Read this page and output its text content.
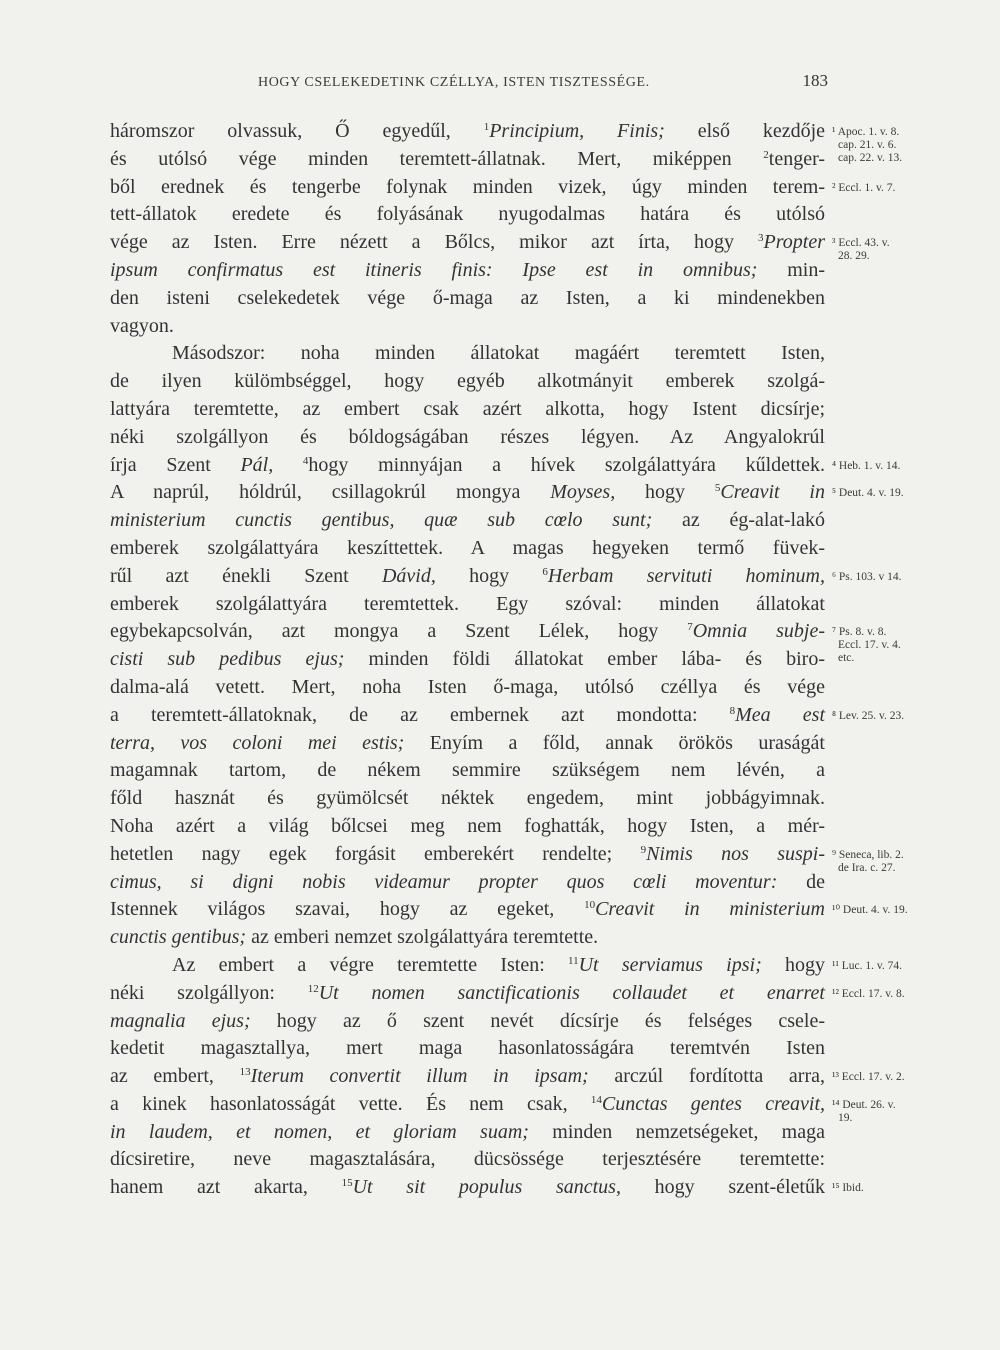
HOGY CSELEKEDETINK CZÉLLYA, ISTEN TISZTESSÉGE.	183
háromszor olvassuk, Ő egyedűl, $^1$Principium, Finis; első kezdője
és utólsó vége minden teremtett-állatnak. Mert, miképpen $^2$tenger-
ből erednek és tengerbe folynak minden vizek, úgy minden terem-
tett-állatok eredete és folyásának nyugodalmas határa és utólsó
vége az Isten. Erre nézett a Bőlcs, mikor azt írta, hogy $^3$Propter
ipsum confirmatus est itineris finis: Ipse est in omnibus; min-
den isteni cselekedetek vége ő-maga az Isten, a ki mindenekben
vagyon.
Másodszor: noha minden állatokat magáért teremtett Isten,
de ilyen külömbséggel, hogy egyéb alkotmányit emberek szolgá-
lattyára teremtette, az embert csak azért alkotta, hogy Istent dicsírje;
néki szolgállyon és bóldogságában részes légyen. Az Angyalokrúl
írja Szent Pál,	$^4$hogy minnyájan a hívek szolgálattyára kűldettek.
A naprúl, hóldrúl, csillagokrúl mongya Moyses, hogy $^5$Creavit in
ministerium cunctis gentibus, quæ sub cœlo sunt; az ég-alat-lakó
emberek szolgálattyára keszíttettek. A magas hegyeken termő füvek-
rűl azt énekli Szent Dávid, hogy $^6$Herbam servituti hominum,
emberek szolgálattyára teremtettek. Egy szóval: minden állatokat
egybekapcsolván, azt mongya a Szent Lélek, hogy $^7$Omnia subje-
cisti sub pedibus ejus; minden földi állatokat ember lába- és biro-
dalma-alá vetett. Mert, noha Isten ő-maga, utólsó czéllya és vége
a teremtett-állatoknak, de az embernek azt mondotta: $^8$Mea est
terra, vos coloni mei estis; Enyím a főld, annak örökös uraságát
magamnak tartom, de nékem semmire szükségem nem lévén, a
főld hasznát és gyümölcsét néktek engedem, mint jobbágyimnak.
Noha azért a világ bőlcsei meg nem foghatták, hogy Isten, a mér-
hetetlen nagy egek forgásit emberekért rendelte; $^9$Nimis nos suspi-
cimus, si digni nobis videamur propter quos cœli moventur: de
Istennek világos szavai, hogy az egeket, $^{10}$Creavit in ministerium
cunctis gentibus; az emberi nemzet szolgálattyára teremtette.
Az embert a végre teremtette Isten: $^{11}$Ut serviamus ipsi; hogy
néki szolgállyon: $^{12}$Ut nomen sanctificationis collaudet et enarret
magnalia ejus; hogy az ő szent nevét dícsírje és felséges csele-
kedetit magasztallya, mert maga hasonlatosságára teremtvén Isten
az embert, $^{13}$Iterum convertit illum in ipsam; arczúl fordította arra,
a kinek hasonlatosságát vette. És nem csak, $^{14}$Cunctas gentes creavit,
in laudem, et nomen, et gloriam suam; minden nemzetségeket, maga
dícsiretire, neve magasztalására, dücsössége terjesztésére teremtette:
hanem azt akarta, $^{15}$Ut sit populus sanctus, hogy szent-életűk
¹ Apoc. 1. v. 8.
cap. 21. v. 6.
cap. 22. v. 13.
² Eccl. 1. v. 7.
³ Eccl. 43. v.
28. 29.
⁴ Heb. 1. v. 14.
⁵ Deut. 4. v. 19.
⁶ Ps. 103. v 14.
⁷ Ps. 8. v. 8.
Eccl. 17. v. 4.
etc.
⁸ Lev. 25. v. 23.
⁹ Seneca, lib. 2.
de Ira. c. 27.
¹⁰ Deut. 4. v. 19.
¹¹ Luc. 1. v. 74.
¹² Eccl. 17. v. 8.
¹³ Eccl. 17. v. 2.
¹⁴ Deut. 26. v.
19.
¹⁵ Ibid.
